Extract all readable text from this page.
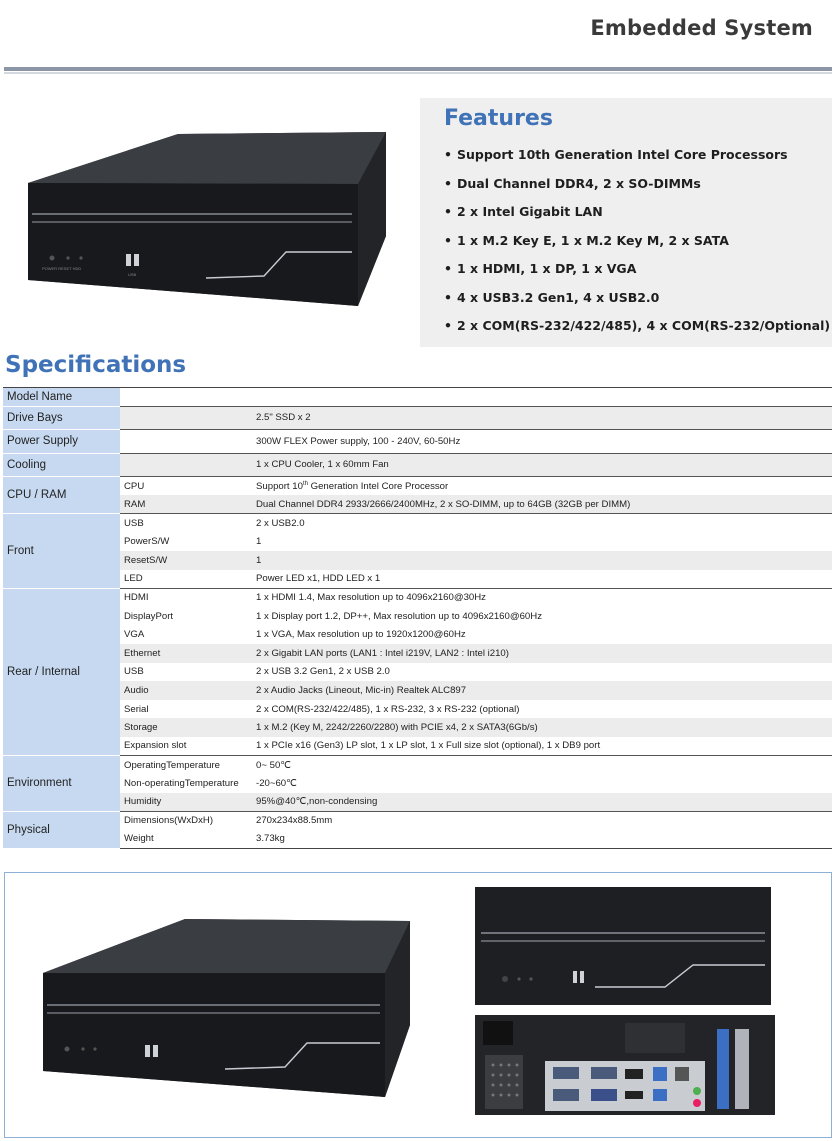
Embedded System
POWER RESET HDD
USB
Features
• Support 10th Generation Intel Core Processors
• Dual Channel DDR4, 2 x SO-DIMMs
• 2 x Intel Gigabit LAN
• 1 x M.2 Key E, 1 x M.2 Key M, 2 x SATA
• 1 x HDMI, 1 x DP, 1 x VGA
• 4 x USB3.2 Gen1, 4 x USB2.0
• 2 x COM(RS-232/422/485), 4 x COM(RS-232/Optional)
Specifications
Model Name		
Drive Bays		2.5" SSD x 2
Power Supply		300W FLEX Power supply, 100 - 240V, 60-50Hz
Cooling		1 x CPU Cooler, 1 x 60mm Fan
CPU / RAM	CPU	Support 10th Generation Intel Core Processor
	RAM	Dual Channel DDR4 2933/2666/2400MHz, 2 x SO-DIMM, up to 64GB (32GB per DIMM)
Front	USB	2 x USB2.0
	PowerS/W	1
	ResetS/W	1
	LED	Power LED x1, HDD LED x 1
Rear / Internal	HDMI	1 x HDMI 1.4, Max resolution up to 4096x2160@30Hz
	DisplayPort	1 x Display port 1.2, DP++, Max resolution up to 4096x2160@60Hz
	VGA	1 x VGA, Max resolution up to 1920x1200@60Hz
	Ethernet	2 x Gigabit LAN ports (LAN1 : Intel i219V, LAN2 : Intel i210)
	USB	2 x USB 3.2 Gen1, 2 x USB 2.0
	Audio	2 x Audio Jacks (Lineout, Mic-in) Realtek ALC897
	Serial	2 x COM(RS-232/422/485), 1 x RS-232, 3 x RS-232 (optional)
	Storage	1 x M.2 (Key M, 2242/2260/2280) with PCIE x4, 2 x SATA3(6Gb/s)
	Expansion slot	1 x PCIe x16 (Gen3) LP slot, 1 x LP slot, 1 x Full size slot (optional), 1 x DB9 port
Environment	OperatingTemperature	0~ 50℃
	Non-operatingTemperature	-20~60℃
	Humidity	95%@40℃,non-condensing
Physical	Dimensions(WxDxH)	270x234x88.5mm
	Weight	3.73kg
